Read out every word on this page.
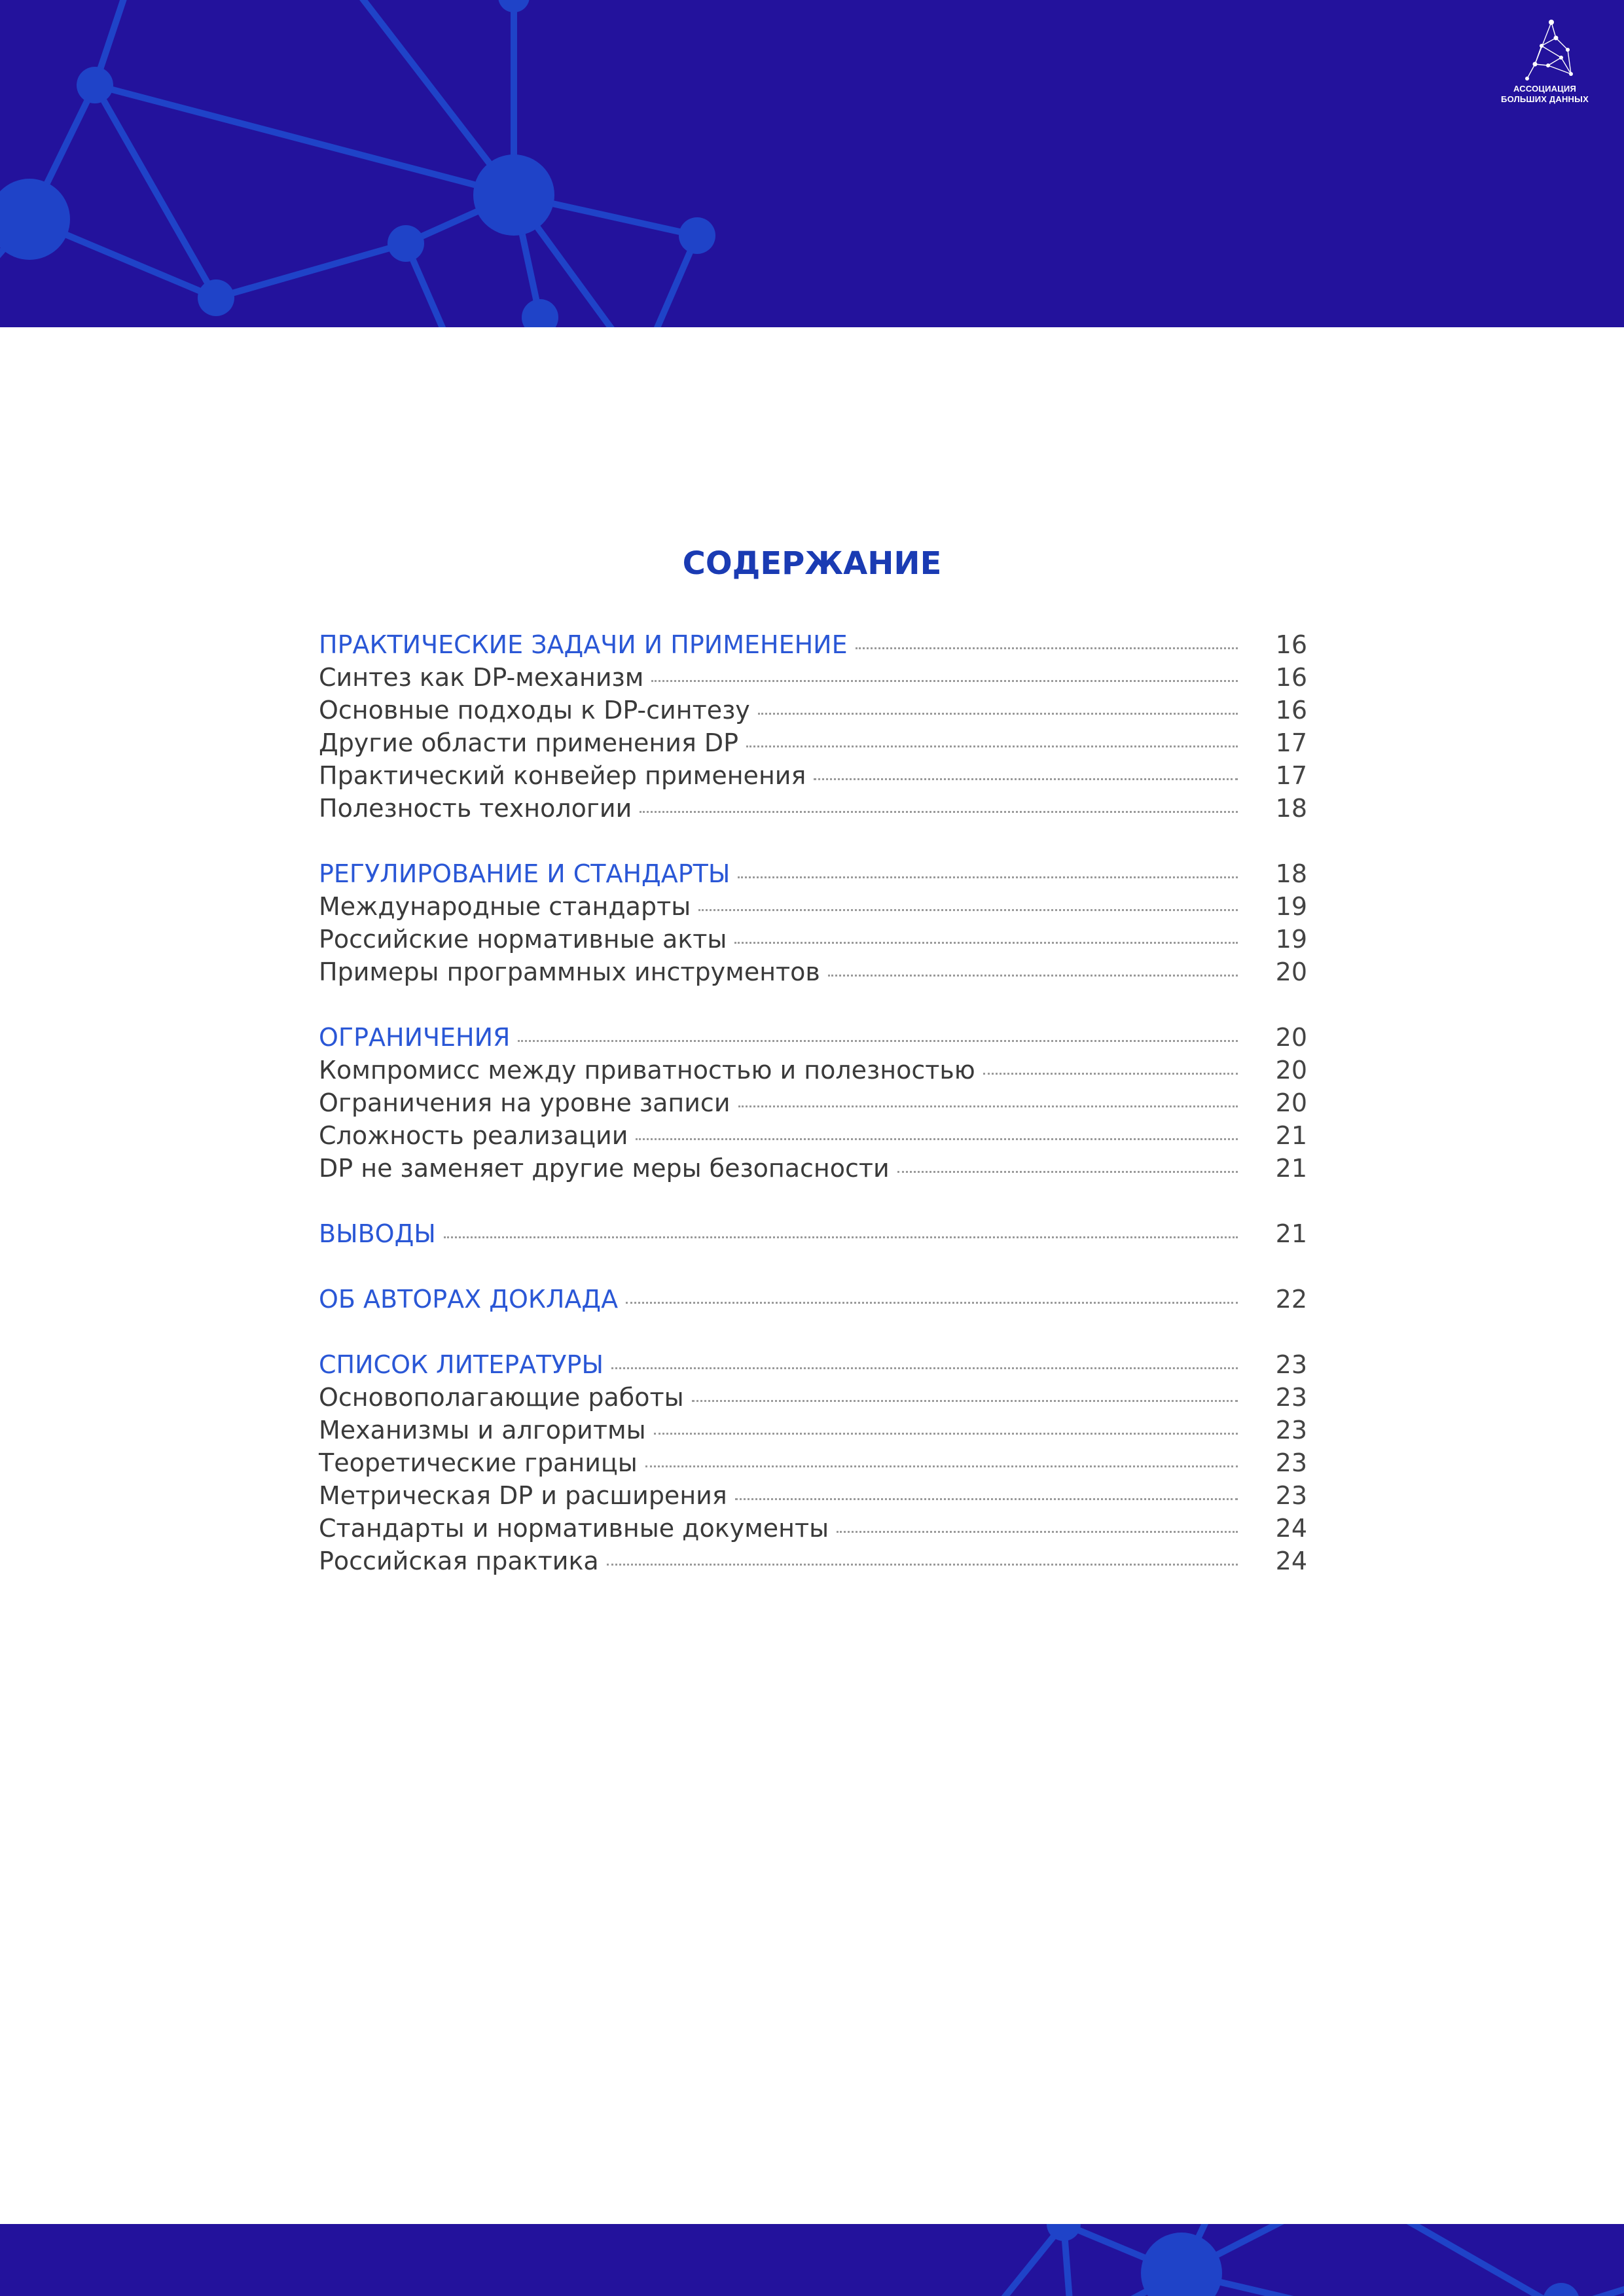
АССОЦИАЦИЯ
БОЛЬШИХ ДАННЫХ
СОДЕРЖАНИЕ
ПРАКТИЧЕСКИЕ ЗАДАЧИ И ПРИМЕНЕНИЕ	16
Синтез как DP-механизм	16
Основные подходы к DP-синтезу	16
Другие области применения DP	17
Практический конвейер применения	17
Полезность технологии	18
РЕГУЛИРОВАНИЕ И СТАНДАРТЫ	18
Международные стандарты	19
Российские нормативные акты	19
Примеры программных инструментов	20
ОГРАНИЧЕНИЯ	20
Компромисс между приватностью и полезностью	20
Ограничения на уровне записи	20
Сложность реализации	21
DP не заменяет другие меры безопасности	21
ВЫВОДЫ	21
ОБ АВТОРАХ ДОКЛАДА	22
СПИСОК ЛИТЕРАТУРЫ	23
Основополагающие работы	23
Механизмы и алгоритмы	23
Теоретические границы	23
Метрическая DP и расширения	23
Стандарты и нормативные документы	24
Российская практика	24
